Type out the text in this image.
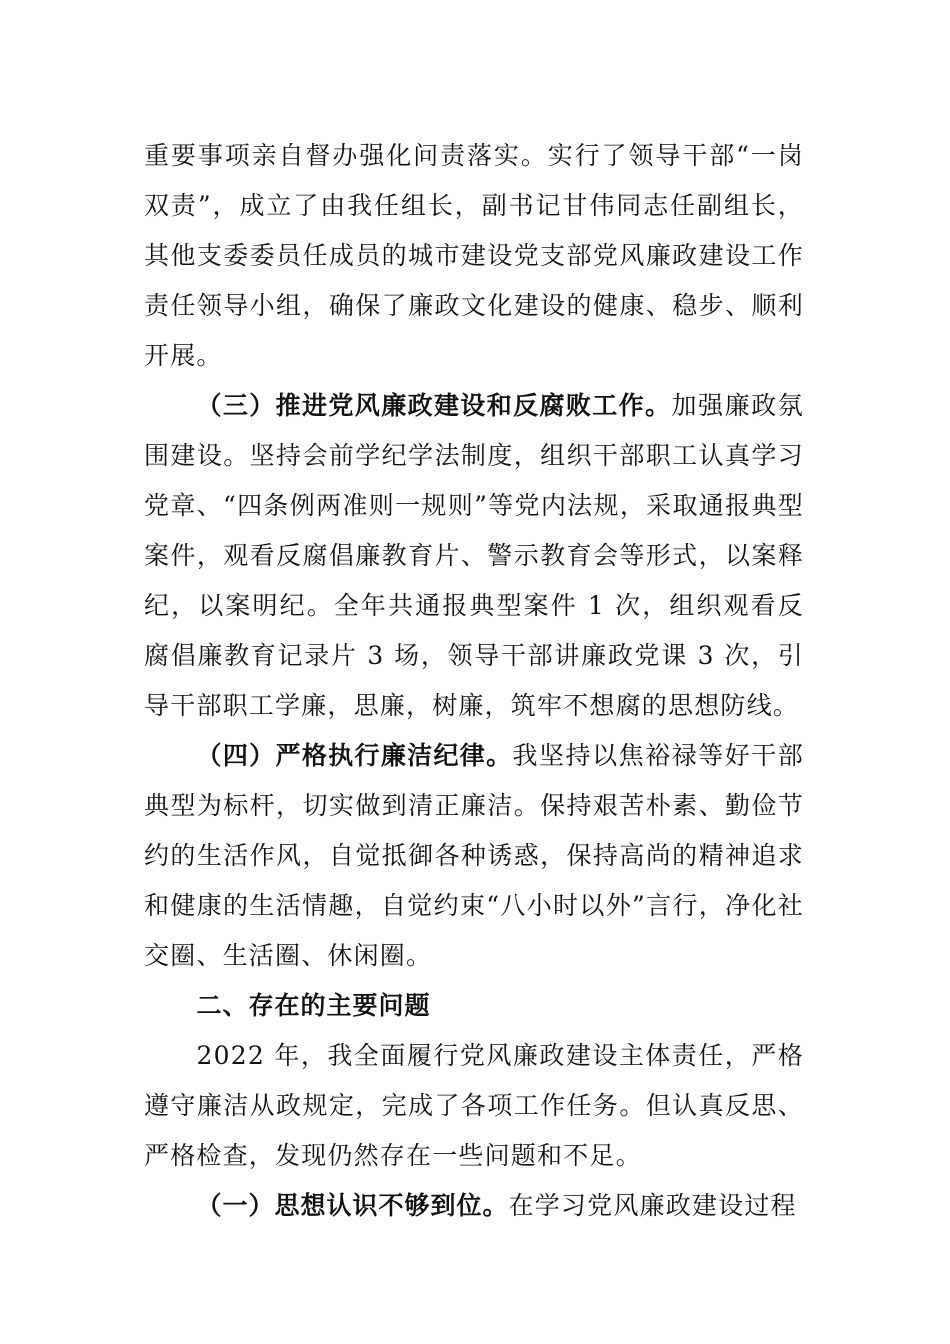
重要事项亲自督办强化问责落实。实行了领导干部“一岗双责”，成立了由我任组长，副书记甘伟同志任副组长，其他支委委员任成员的城市建设党支部党风廉政建设工作责任领导小组，确保了廉政文化建设的健康、稳步、顺利开展。

（三）推进党风廉政建设和反腐败工作。加强廉政氛围建设。坚持会前学纪学法制度，组织干部职工认真学习党章、“四条例两准则一规则”等党内法规，采取通报典型案件，观看反腐倡廉教育片、警示教育会等形式，以案释纪，以案明纪。全年共通报典型案件 1 次，组织观看反腐倡廉教育记录片 3 场，领导干部讲廉政党课 3 次，引导干部职工学廉，思廉，树廉，筑牢不想腐的思想防线。

（四）严格执行廉洁纪律。我坚持以焦裕禄等好干部典型为标杆，切实做到清正廉洁。保持艰苦朴素、勤俭节约的生活作风，自觉抵御各种诱惑，保持高尚的精神追求和健康的生活情趣，自觉约束“八小时以外”言行，净化社交圈、生活圈、休闲圈。

二、存在的主要问题

2022 年，我全面履行党风廉政建设主体责任，严格遵守廉洁从政规定，完成了各项工作任务。但认真反思、严格检查，发现仍然存在一些问题和不足。

（一）思想认识不够到位。在学习党风廉政建设过程
